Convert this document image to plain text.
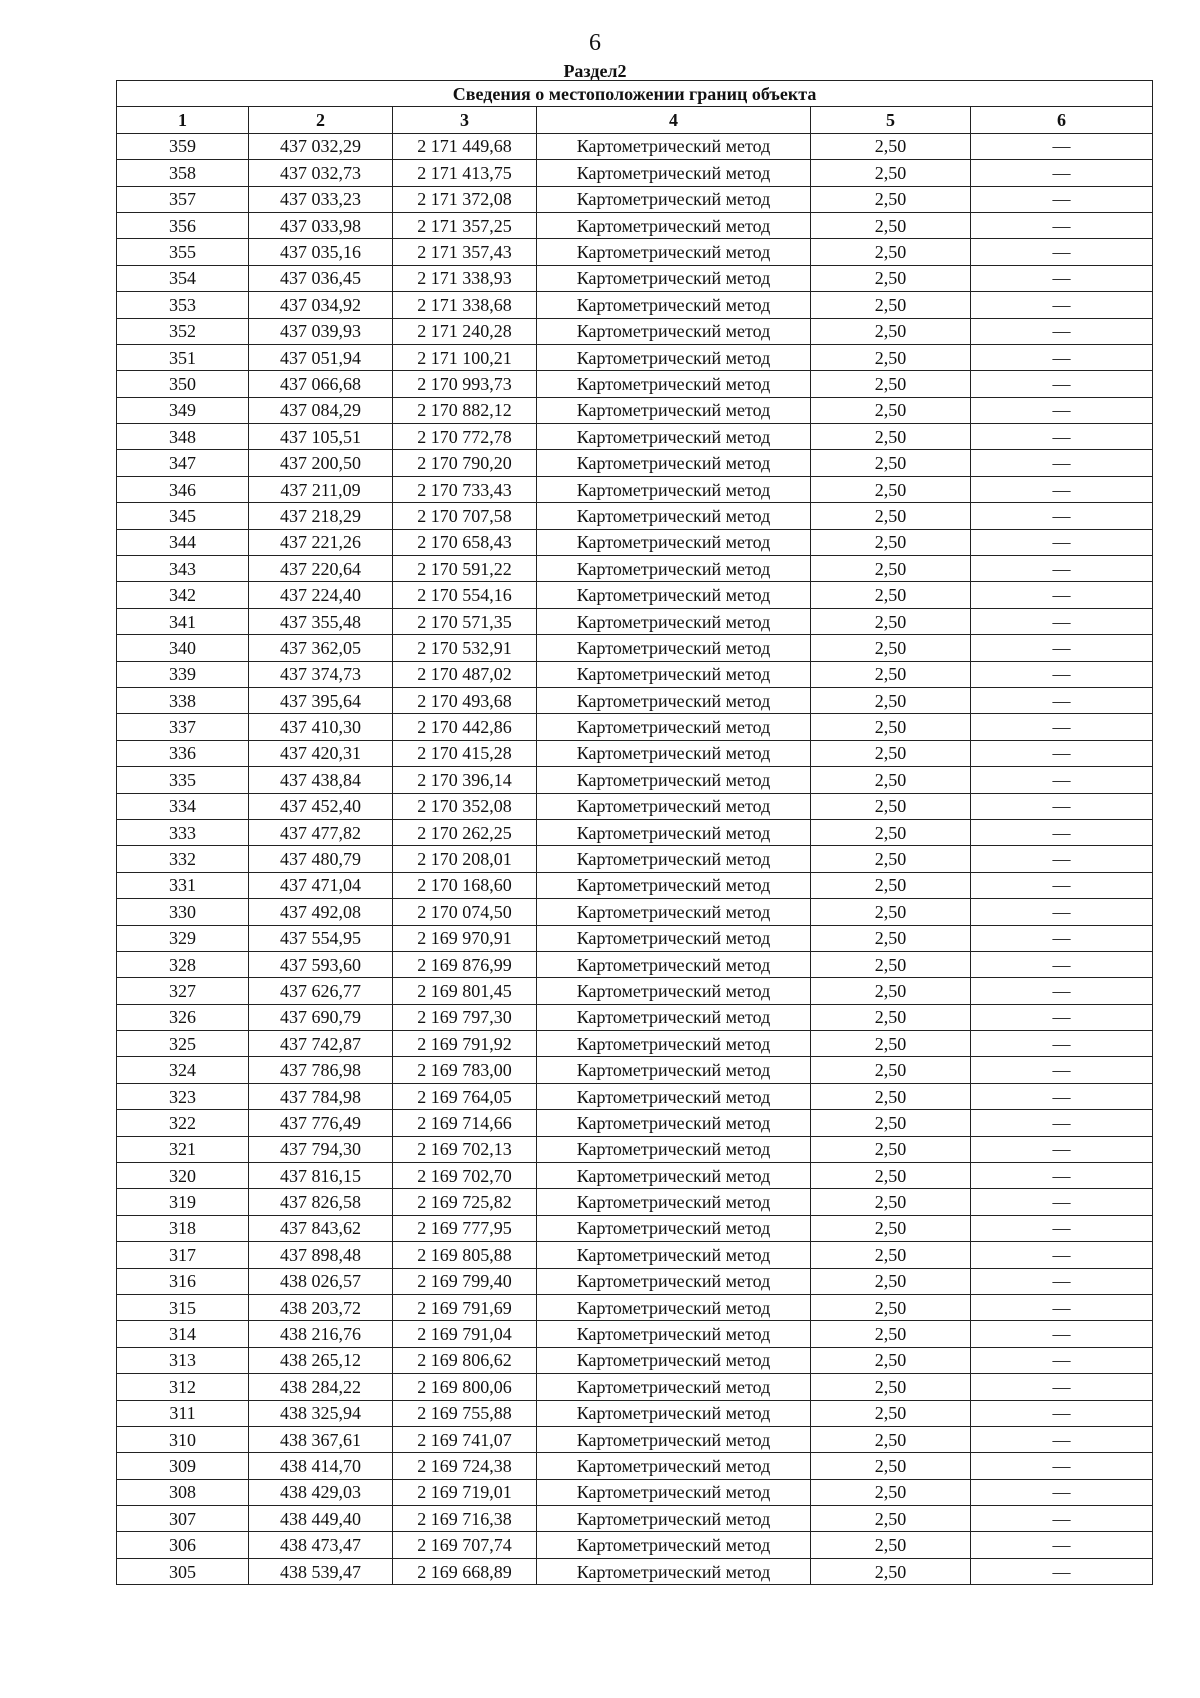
6
Раздел2
Сведения о местоположении границ объекта					
1	2	3	4	5	6
359	437 032,29	2 171 449,68	Картометрический метод	2,50	—
358	437 032,73	2 171 413,75	Картометрический метод	2,50	—
357	437 033,23	2 171 372,08	Картометрический метод	2,50	—
356	437 033,98	2 171 357,25	Картометрический метод	2,50	—
355	437 035,16	2 171 357,43	Картометрический метод	2,50	—
354	437 036,45	2 171 338,93	Картометрический метод	2,50	—
353	437 034,92	2 171 338,68	Картометрический метод	2,50	—
352	437 039,93	2 171 240,28	Картометрический метод	2,50	—
351	437 051,94	2 171 100,21	Картометрический метод	2,50	—
350	437 066,68	2 170 993,73	Картометрический метод	2,50	—
349	437 084,29	2 170 882,12	Картометрический метод	2,50	—
348	437 105,51	2 170 772,78	Картометрический метод	2,50	—
347	437 200,50	2 170 790,20	Картометрический метод	2,50	—
346	437 211,09	2 170 733,43	Картометрический метод	2,50	—
345	437 218,29	2 170 707,58	Картометрический метод	2,50	—
344	437 221,26	2 170 658,43	Картометрический метод	2,50	—
343	437 220,64	2 170 591,22	Картометрический метод	2,50	—
342	437 224,40	2 170 554,16	Картометрический метод	2,50	—
341	437 355,48	2 170 571,35	Картометрический метод	2,50	—
340	437 362,05	2 170 532,91	Картометрический метод	2,50	—
339	437 374,73	2 170 487,02	Картометрический метод	2,50	—
338	437 395,64	2 170 493,68	Картометрический метод	2,50	—
337	437 410,30	2 170 442,86	Картометрический метод	2,50	—
336	437 420,31	2 170 415,28	Картометрический метод	2,50	—
335	437 438,84	2 170 396,14	Картометрический метод	2,50	—
334	437 452,40	2 170 352,08	Картометрический метод	2,50	—
333	437 477,82	2 170 262,25	Картометрический метод	2,50	—
332	437 480,79	2 170 208,01	Картометрический метод	2,50	—
331	437 471,04	2 170 168,60	Картометрический метод	2,50	—
330	437 492,08	2 170 074,50	Картометрический метод	2,50	—
329	437 554,95	2 169 970,91	Картометрический метод	2,50	—
328	437 593,60	2 169 876,99	Картометрический метод	2,50	—
327	437 626,77	2 169 801,45	Картометрический метод	2,50	—
326	437 690,79	2 169 797,30	Картометрический метод	2,50	—
325	437 742,87	2 169 791,92	Картометрический метод	2,50	—
324	437 786,98	2 169 783,00	Картометрический метод	2,50	—
323	437 784,98	2 169 764,05	Картометрический метод	2,50	—
322	437 776,49	2 169 714,66	Картометрический метод	2,50	—
321	437 794,30	2 169 702,13	Картометрический метод	2,50	—
320	437 816,15	2 169 702,70	Картометрический метод	2,50	—
319	437 826,58	2 169 725,82	Картометрический метод	2,50	—
318	437 843,62	2 169 777,95	Картометрический метод	2,50	—
317	437 898,48	2 169 805,88	Картометрический метод	2,50	—
316	438 026,57	2 169 799,40	Картометрический метод	2,50	—
315	438 203,72	2 169 791,69	Картометрический метод	2,50	—
314	438 216,76	2 169 791,04	Картометрический метод	2,50	—
313	438 265,12	2 169 806,62	Картометрический метод	2,50	—
312	438 284,22	2 169 800,06	Картометрический метод	2,50	—
311	438 325,94	2 169 755,88	Картометрический метод	2,50	—
310	438 367,61	2 169 741,07	Картометрический метод	2,50	—
309	438 414,70	2 169 724,38	Картометрический метод	2,50	—
308	438 429,03	2 169 719,01	Картометрический метод	2,50	—
307	438 449,40	2 169 716,38	Картометрический метод	2,50	—
306	438 473,47	2 169 707,74	Картометрический метод	2,50	—
305	438 539,47	2 169 668,89	Картометрический метод	2,50	—
